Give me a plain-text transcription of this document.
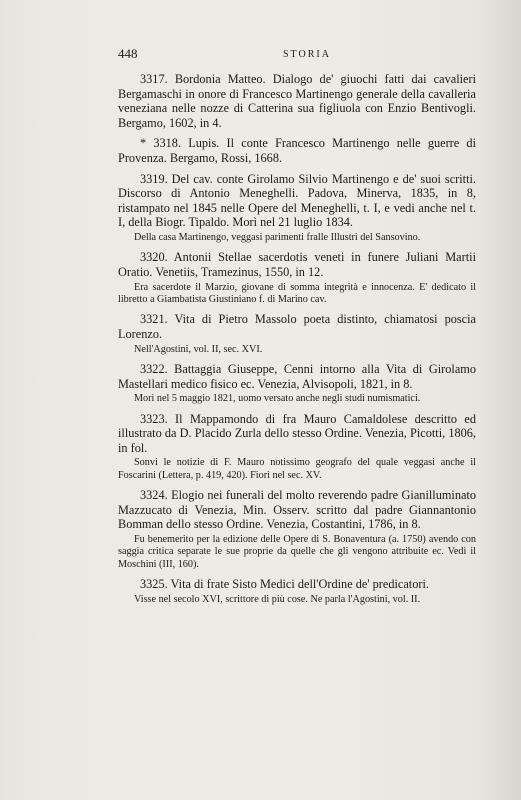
448	STORIA

3317. Bordonia Matteo. Dialogo de' giuochi fatti dai cavalieri Bergamaschi in onore di Francesco Martinengo generale della cavalleria veneziana nelle nozze di Catterina sua figliuola con Enzio Bentivogli. Bergamo, 1602, in 4.

* 3318. Lupis. Il conte Francesco Martinengo nelle guerre di Provenza. Bergamo, Rossi, 1668.

3319. Del cav. conte Girolamo Silvio Martinengo e de' suoi scritti. Discorso di Antonio Meneghelli. Padova, Minerva, 1835, in 8, ristampato nel 1845 nelle Opere del Meneghelli, t. I, e vedi anche nel t. I, della Biogr. Tipaldo. Morì nel 21 luglio 1834.

Della casa Martinengo, veggasi parimenti fralle Illustri del Sansovino.

3320. Antonii Stellae sacerdotis veneti in funere Juliani Martii Oratio. Venetiis, Tramezinus, 1550, in 12.

Era sacerdote il Marzio, giovane di somma integrità e innocenza. E' dedicato il libretto a Giambatista Giustiniano f. di Marino cav.

3321. Vita di Pietro Massolo poeta distinto, chiamatosi poscia Lorenzo.

Nell'Agostini, vol. II, sec. XVI.

3322. Battaggia Giuseppe, Cenni intorno alla Vita di Girolamo Mastellari medico fisico ec. Venezia, Alvisopoli, 1821, in 8.

Morì nel 5 maggio 1821, uomo versato anche negli studi numismatici.

3323. Il Mappamondo di fra Mauro Camaldolese descritto ed illustrato da D. Placido Zurla dello stesso Ordine. Venezia, Picotti, 1806, in fol.

Sonvi le notizie di F. Mauro notissimo geografo del quale veggasi anche il Foscarini (Lettera, p. 419, 420). Fiorì nel sec. XV.

3324. Elogio nei funerali del molto reverendo padre Gianilluminato Mazzucato di Venezia, Min. Osserv. scritto dal padre Giannantonio Bomman dello stesso Ordine. Venezia, Costantini, 1786, in 8.

Fu benemerito per la edizione delle Opere di S. Bonaventura (a. 1750) avendo con saggia critica separate le sue proprie da quelle che gli vengono attribuite ec. Vedi il Moschini (III, 160).

3325. Vita di frate Sisto Medici dell'Ordine de' predicatori.

Visse nel secolo XVI, scrittore di più cose. Ne parla l'Agostini, vol. II.
